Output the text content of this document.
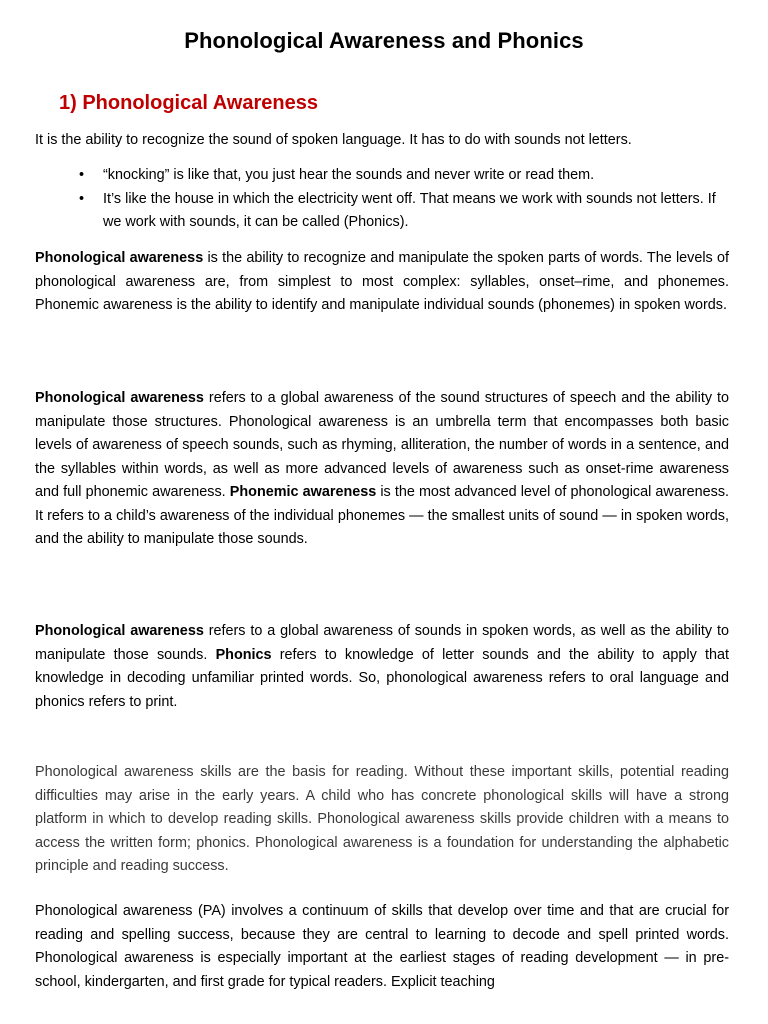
Phonological Awareness and Phonics
1) Phonological Awareness

It is the ability to recognize the sound of spoken language. It has to do with sounds not letters.

• “knocking” is like that, you just hear the sounds and never write or read them.
• It’s like the house in which the electricity went off. That means we work with sounds not letters. If we work with sounds, it can be called (Phonics).

Phonological awareness is the ability to recognize and manipulate the spoken parts of words. The levels of phonological awareness are, from simplest to most complex: syllables, onset–rime, and phonemes. Phonemic awareness is the ability to identify and manipulate individual sounds (phonemes) in spoken words.

Phonological awareness refers to a global awareness of the sound structures of speech and the ability to manipulate those structures. Phonological awareness is an umbrella term that encompasses both basic levels of awareness of speech sounds, such as rhyming, alliteration, the number of words in a sentence, and the syllables within words, as well as more advanced levels of awareness such as onset-rime awareness and full phonemic awareness. Phonemic awareness is the most advanced level of phonological awareness. It refers to a child’s awareness of the individual phonemes — the smallest units of sound — in spoken words, and the ability to manipulate those sounds.

Phonological awareness refers to a global awareness of sounds in spoken words, as well as the ability to manipulate those sounds. Phonics refers to knowledge of letter sounds and the ability to apply that knowledge in decoding unfamiliar printed words. So, phonological awareness refers to oral language and phonics refers to print.

Phonological awareness skills are the basis for reading. Without these important skills, potential reading difficulties may arise in the early years. A child who has concrete phonological skills will have a strong platform in which to develop reading skills. Phonological awareness skills provide children with a means to access the written form; phonics. Phonological awareness is a foundation for understanding the alphabetic principle and reading success.

Phonological awareness (PA) involves a continuum of skills that develop over time and that are crucial for reading and spelling success, because they are central to learning to decode and spell printed words. Phonological awareness is especially important at the earliest stages of reading development — in pre-school, kindergarten, and first grade for typical readers. Explicit teaching
